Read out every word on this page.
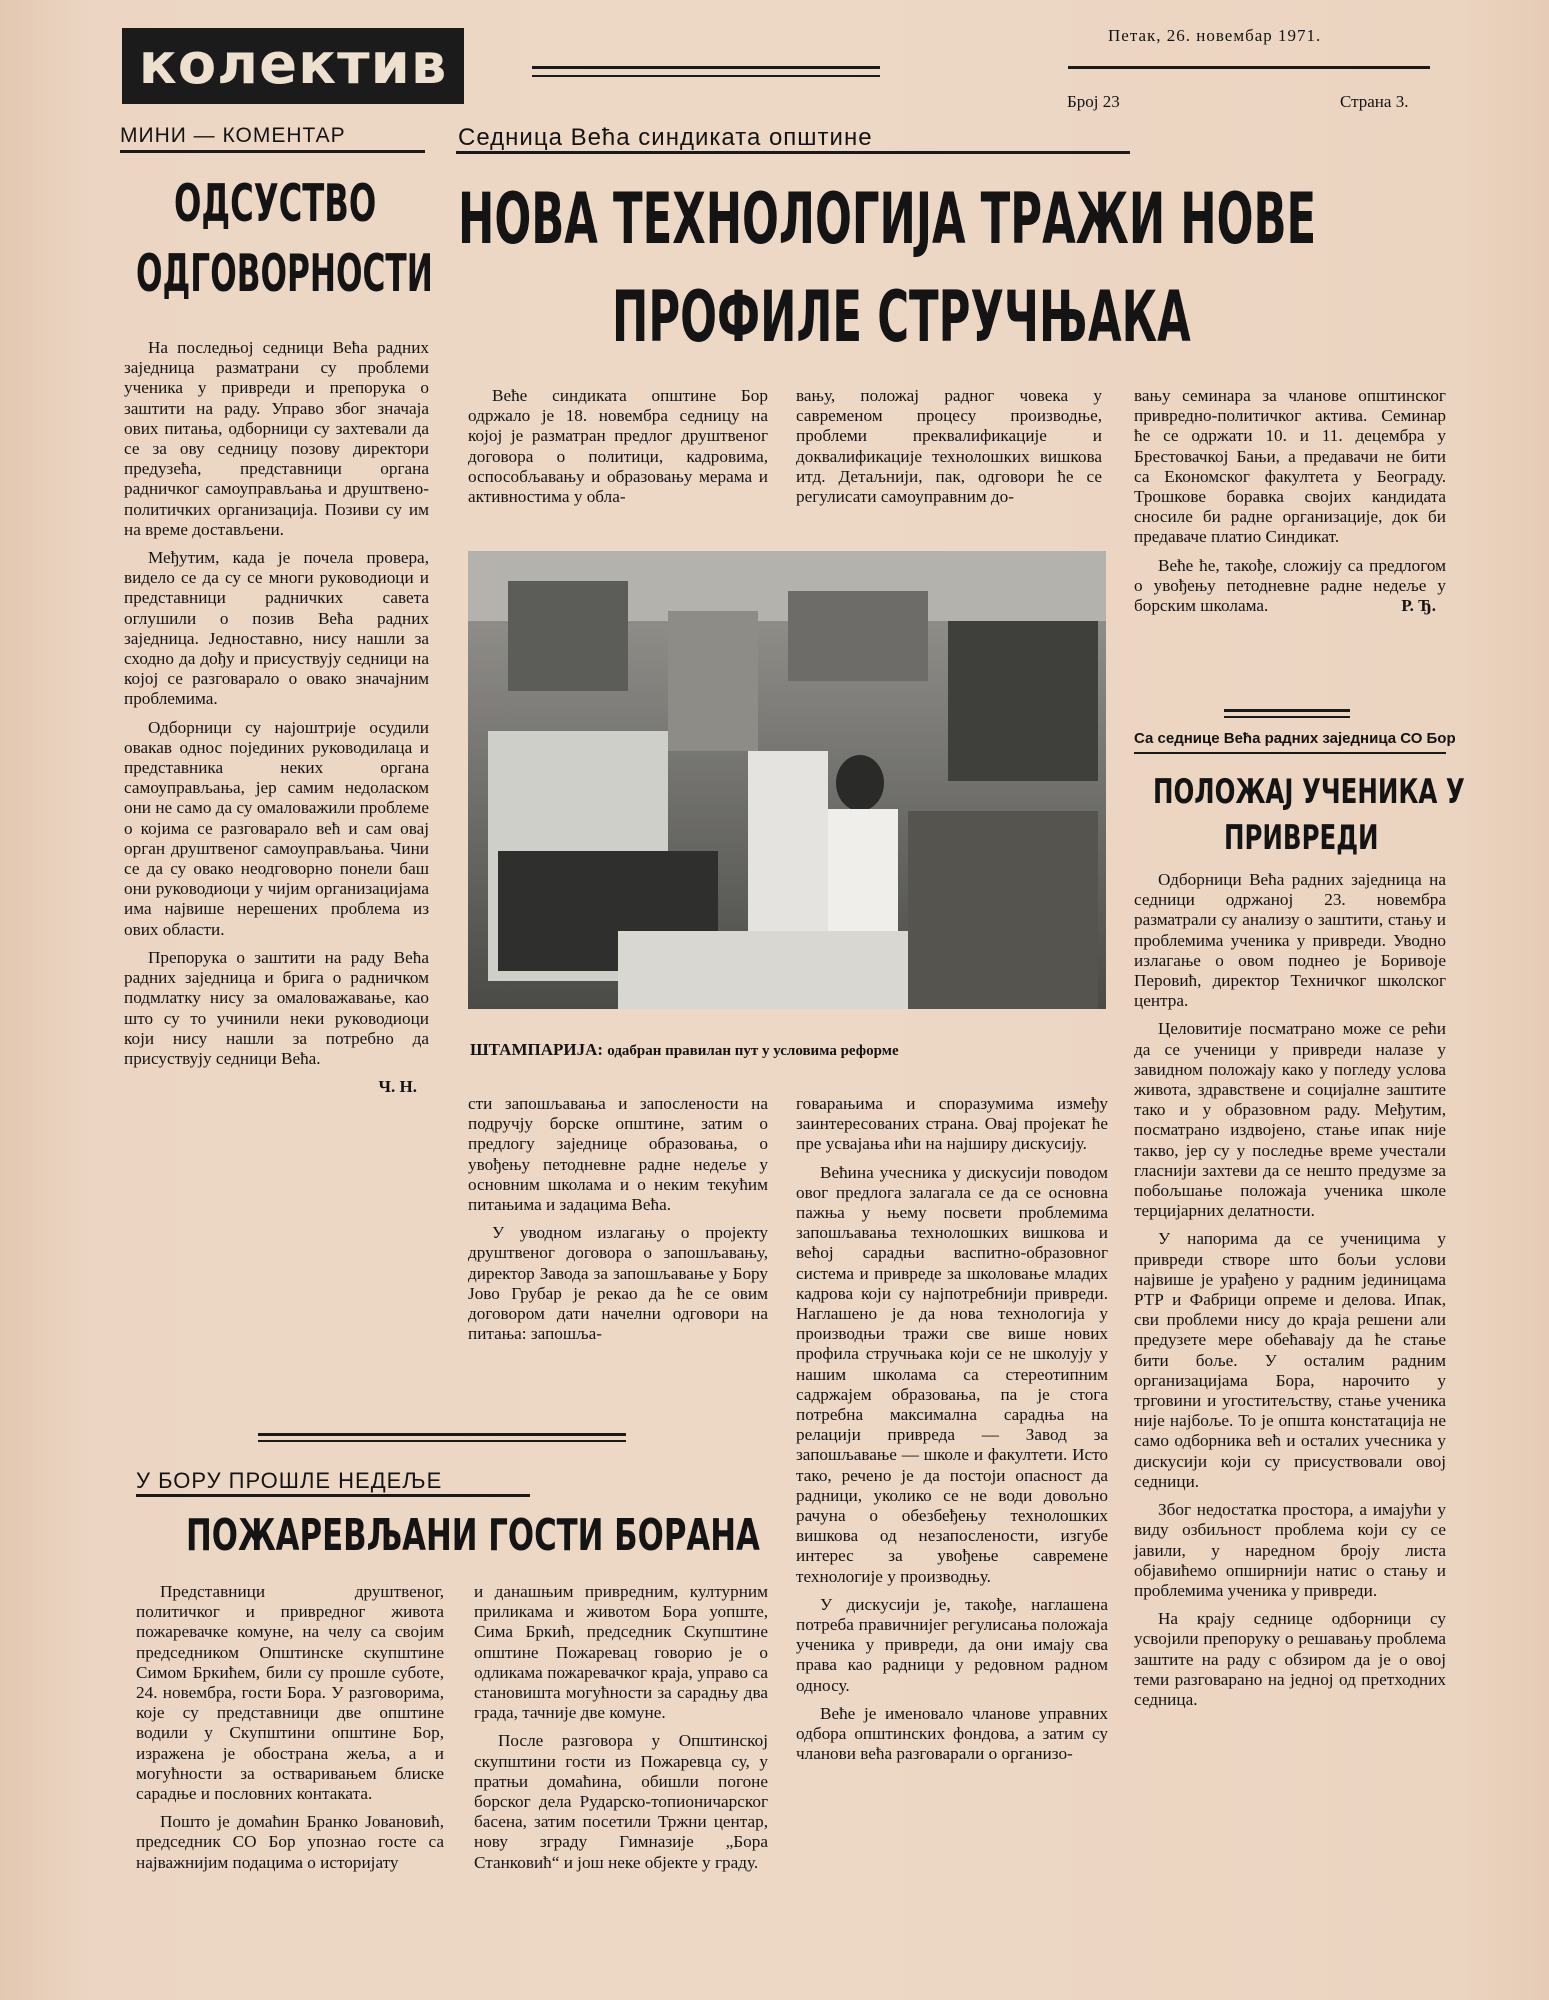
колектив	Петак, 26. новембар 1971.
Број 23	Страна 3.
МИНИ — КОМЕНТАР
ОДСУСТВО
ОДГОВОРНОСТИ

На последњој седници Већа радних заједница разматрани су проблеми ученика у привреди и препорука о заштити на раду. Управо због значаја ових питања, одборници су захтевали да се за ову седницу позову директори предузећа, представници органа радничког самоуправљања и друштвено-политичких организација. Позиви су им на време достављени.

Међутим, када је почела провера, видело се да су се многи руководиоци и представници радничких савета оглушили о позив Већа радних заједница. Једноставно, нису нашли за сходно да дођу и присуствују седници на којој се разговарало о овако значајним проблемима.

Одборници су најоштрије осудили овакав однос појединих руководилаца и представника неких органа самоуправљања, јер самим недоласком они не само да су омаловажили проблеме о којима се разговарало већ и сам овај орган друштвеног самоуправљања. Чини се да су овако неодговорно понели баш они руководиоци у чијим организацијама има највише нерешених проблема из ових области.

Препорука о заштити на раду Већа радних заједница и брига о радничком подмлатку нису за омаловажавање, као што су то учинили неки руководиоци који нису нашли за потребно да присуствују седници Већа.

Ч. Н.
Седница Већа синдиката општине
НОВА ТЕХНОЛОГИЈА ТРАЖИ НОВЕ
ПРОФИЛЕ СТРУЧЊАКА

Веће синдиката општине Бор одржало је 18. новембра седницу на којој је разматран предлог друштвеног договора о политици, кадровима, оспособљавању и образовању мерама и активностима у обла-

вању, положај радног човека у савременом процесу производње, проблеми преквалификације и доквалификације технолошких вишкова итд. Детаљнији, пак, одговори ће се регулисати самоуправним до-

ШТАМПАРИЈА: одабран правилан пут у условима реформе

сти запошљавања и запослености на подручју борске општине, затим о предлогу заједнице образовања, о увођењу петодневне радне недеље у основним школама и о неким текућим питањима и задацима Већа.

У уводном излагању о пројекту друштвеног договора о запошљавању, директор Завода за запошљавање у Бору Јово Грубар је рекао да ће се овим договором дати начелни одговори на питања: запошља-

говарањима и споразумима између заинтересованих страна. Овај пројекат ће пре усвајања ићи на најширу дискусију.

Већина учесника у дискусији поводом овог предлога залагала се да се основна пажња у њему посвети проблемима запошљавања технолошких вишкова и већој сарадњи васпитно-образовног система и привреде за школовање младих кадрова који су најпотребнији привреди. Наглашено је да нова технологија у производњи тражи све више нових профила стручњака који се не школују у нашим школама са стереотипним садржајем образовања, па је стога потребна максимална сарадња на релацији привреда — Завод за запошљавање — школе и факултети. Исто тако, речено је да постоји опасност да радници, уколико се не води довољно рачуна о обезбеђењу технолошких вишкова од незапослености, изгубе интерес за увођење савремене технологије у производњу.

У дискусији је, такође, наглашена потреба правичнијег регулисања положаја ученика у привреди, да они имају сва права као радници у редовном радном односу.

Веће је именовало чланове управних одбора општинских фондова, а затим су чланови већа разговарали о организо-

вању семинара за чланове општинског привредно-политичког актива. Семинар ће се одржати 10. и 11. децембра у Брестовачкој Бањи, а предавачи не бити са Економског факултета у Београду. Трошкове боравка својих кандидата сносиле би радне организације, док би предаваче платио Синдикат.

Веће ће, такође, сложију са предлогом о увођењу петодневне радне недеље у борским школама.	Р. Ђ.
Са седнице Већа радних заједница СО Бор
ПОЛОЖАЈ УЧЕНИКА У
ПРИВРЕДИ

Одборници Већа радних заједница на седници одржаној 23. новембра разматрали су анализу о заштити, стању и проблемима ученика у привреди. Уводно излагање о овом поднеo је Боривоје Перовић, директор Техничког школског центра.

Целовитије посматрано може се рећи да се ученици у привреди налазе у завидном положају како у погледу услова живота, здравствене и социјалне заштите тако и у образовном раду. Међутим, посматрано издвојено, стање ипак није такво, јер су у последње време учестали гласнији захтеви да се нешто предузме за побољшање положаја ученика школе терцијарних делатности.

У напорима да се ученицима у привреди створе што бољи услови највише је урађено у радним јединицама РТР и Фабрици опреме и делова. Ипак, сви проблеми нису до краја решени али предузете мере обећавају да ће стање бити боље. У осталим радним организацијама Бора, нарочито у трговини и угоститељству, стање ученика није најбоље. То је општа констатација не само одборника већ и осталих учесника у дискусији који су присуствовали овој седници.

Због недостатка простора, а имајући у виду озбиљност проблема који су се јавили, у наредном броју листа објавићемо опширнији натис о стању и проблемима ученика у привреди.

На крају седнице одборници су усвојили препоруку о решавању проблема заштите на раду с обзиром да је о овој теми разговарано на једној од претходних седница.

У БОРУ ПРОШЛЕ НЕДЕЉЕ
ПОЖАРЕВЉАНИ ГОСТИ БОРАНА

Представници друштвеног, политичког и привредног живота пожаревачке комуне, на челу са својим председником Општинске скупштине Симом Бркићем, били су прошле суботе, 24. новембра, гости Бора. У разговорима, које су представници две општине водили у Скупштини општине Бор, изражена је обострана жеља, а и могућности за остваривањем блиске сарадње и пословних контаката.

Пошто је домаћин Бранко Јовановић, председник СО Бор упознао госте са најважнијим подацима о историјату

и данашњим привредним, културним приликама и животом Бора уопште, Сима Бркић, председник Скупштине општине Пожаревац говорио је о одликама пожаревачког краја, управо са становишта могућности за сарадњу два града, тачније две комуне.

После разговора у Општинској скупштини гости из Пожаревца су, у пратњи домаћина, обишли погоне борског дела Рударско-топионичарског басена, затим посетили Тржни центар, нову зграду Гимназије „Бора Станковић“ и још неке објекте у граду.
